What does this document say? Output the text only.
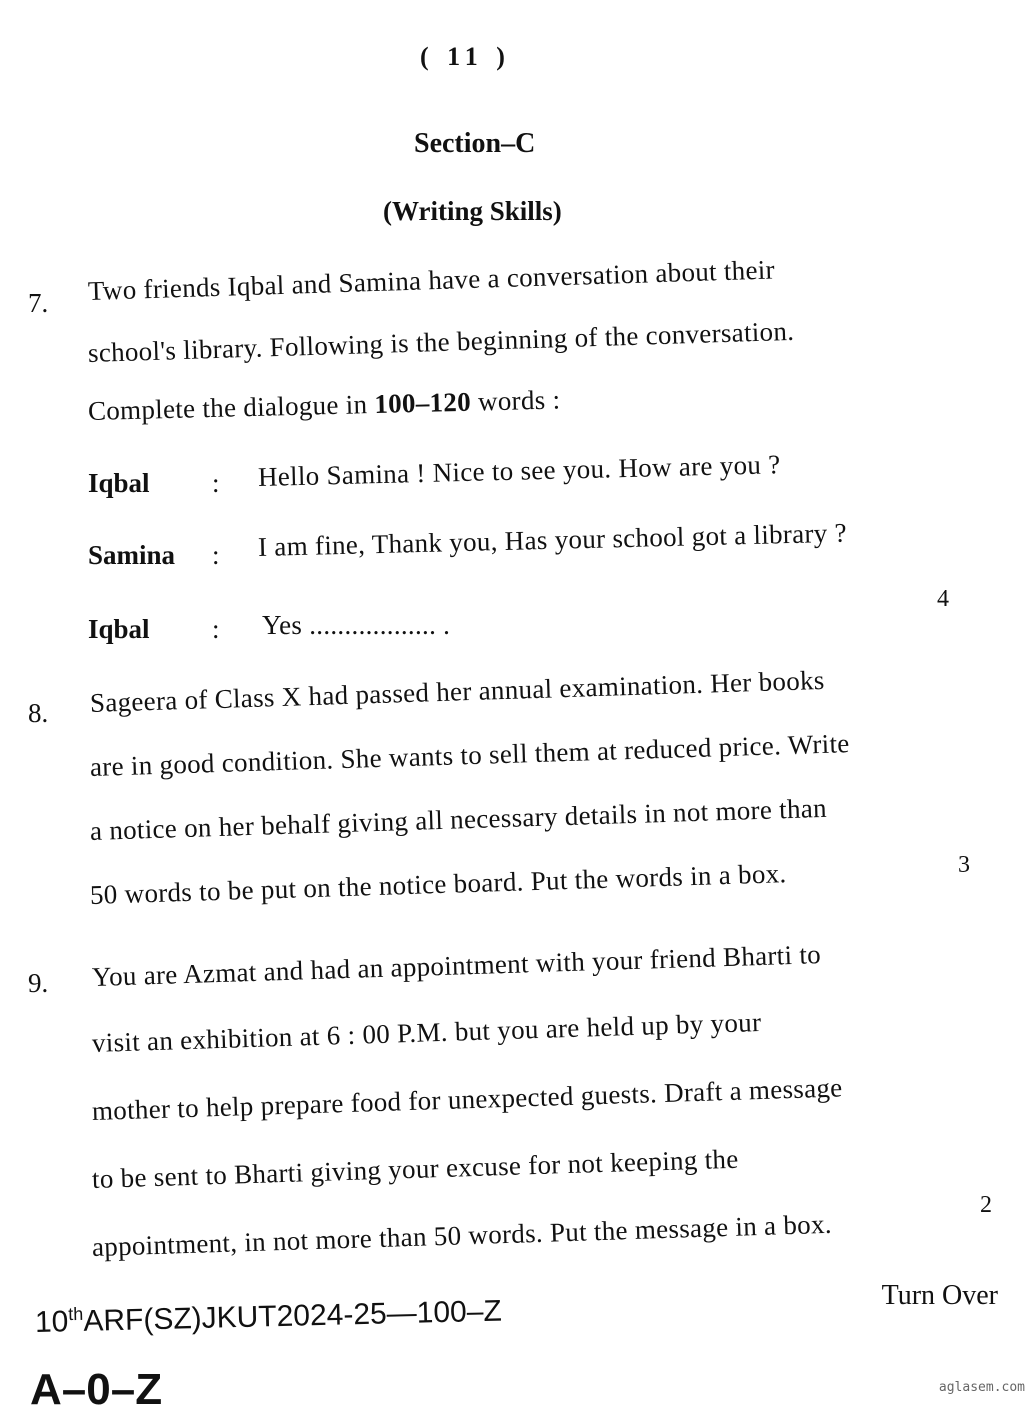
( 11 )
Section–C
(Writing Skills)
7. Two friends Iqbal and Samina have a conversation about their
school's library. Following is the beginning of the conversation.
Complete the dialogue in 100–120 words :
Iqbal : Hello Samina ! Nice to see you. How are you ?
Samina : I am fine, Thank you, Has your school got a library ?
Iqbal : Yes .................. .
4
8. Sageera of Class X had passed her annual examination. Her books
are in good condition. She wants to sell them at reduced price. Write
a notice on her behalf giving all necessary details in not more than
50 words to be put on the notice board. Put the words in a box.	3
9. You are Azmat and had an appointment with your friend Bharti to
visit an exhibition at 6 : 00 P.M. but you are held up by your
mother to help prepare food for unexpected guests. Draft a message
to be sent to Bharti giving your excuse for not keeping the
appointment, in not more than 50 words. Put the message in a box.
2
Turn Over
10thARF(SZ)JKUT2024-25—100–Z
A–0–Z	aglasem.com
